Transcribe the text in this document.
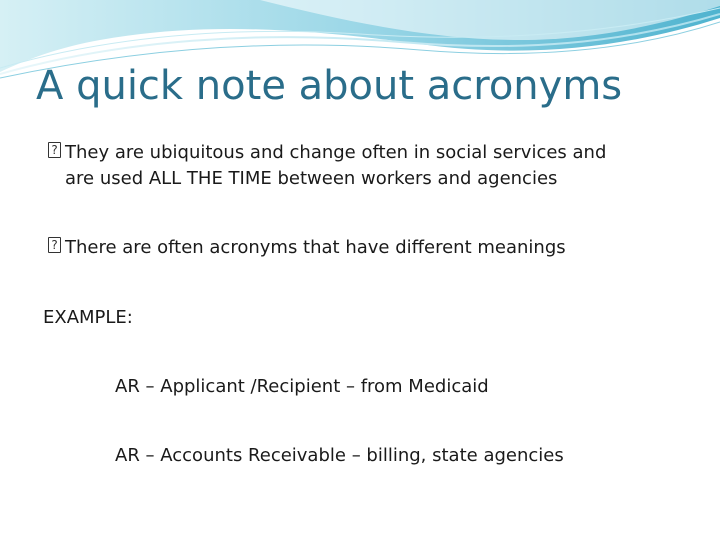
A quick note about acronyms
? They are ubiquitous and change often in social services and
are used ALL THE TIME between workers and agencies
? There are often acronyms that have different meanings
EXAMPLE:
AR – Applicant /Recipient – from Medicaid
AR – Accounts Receivable – billing, state agencies
